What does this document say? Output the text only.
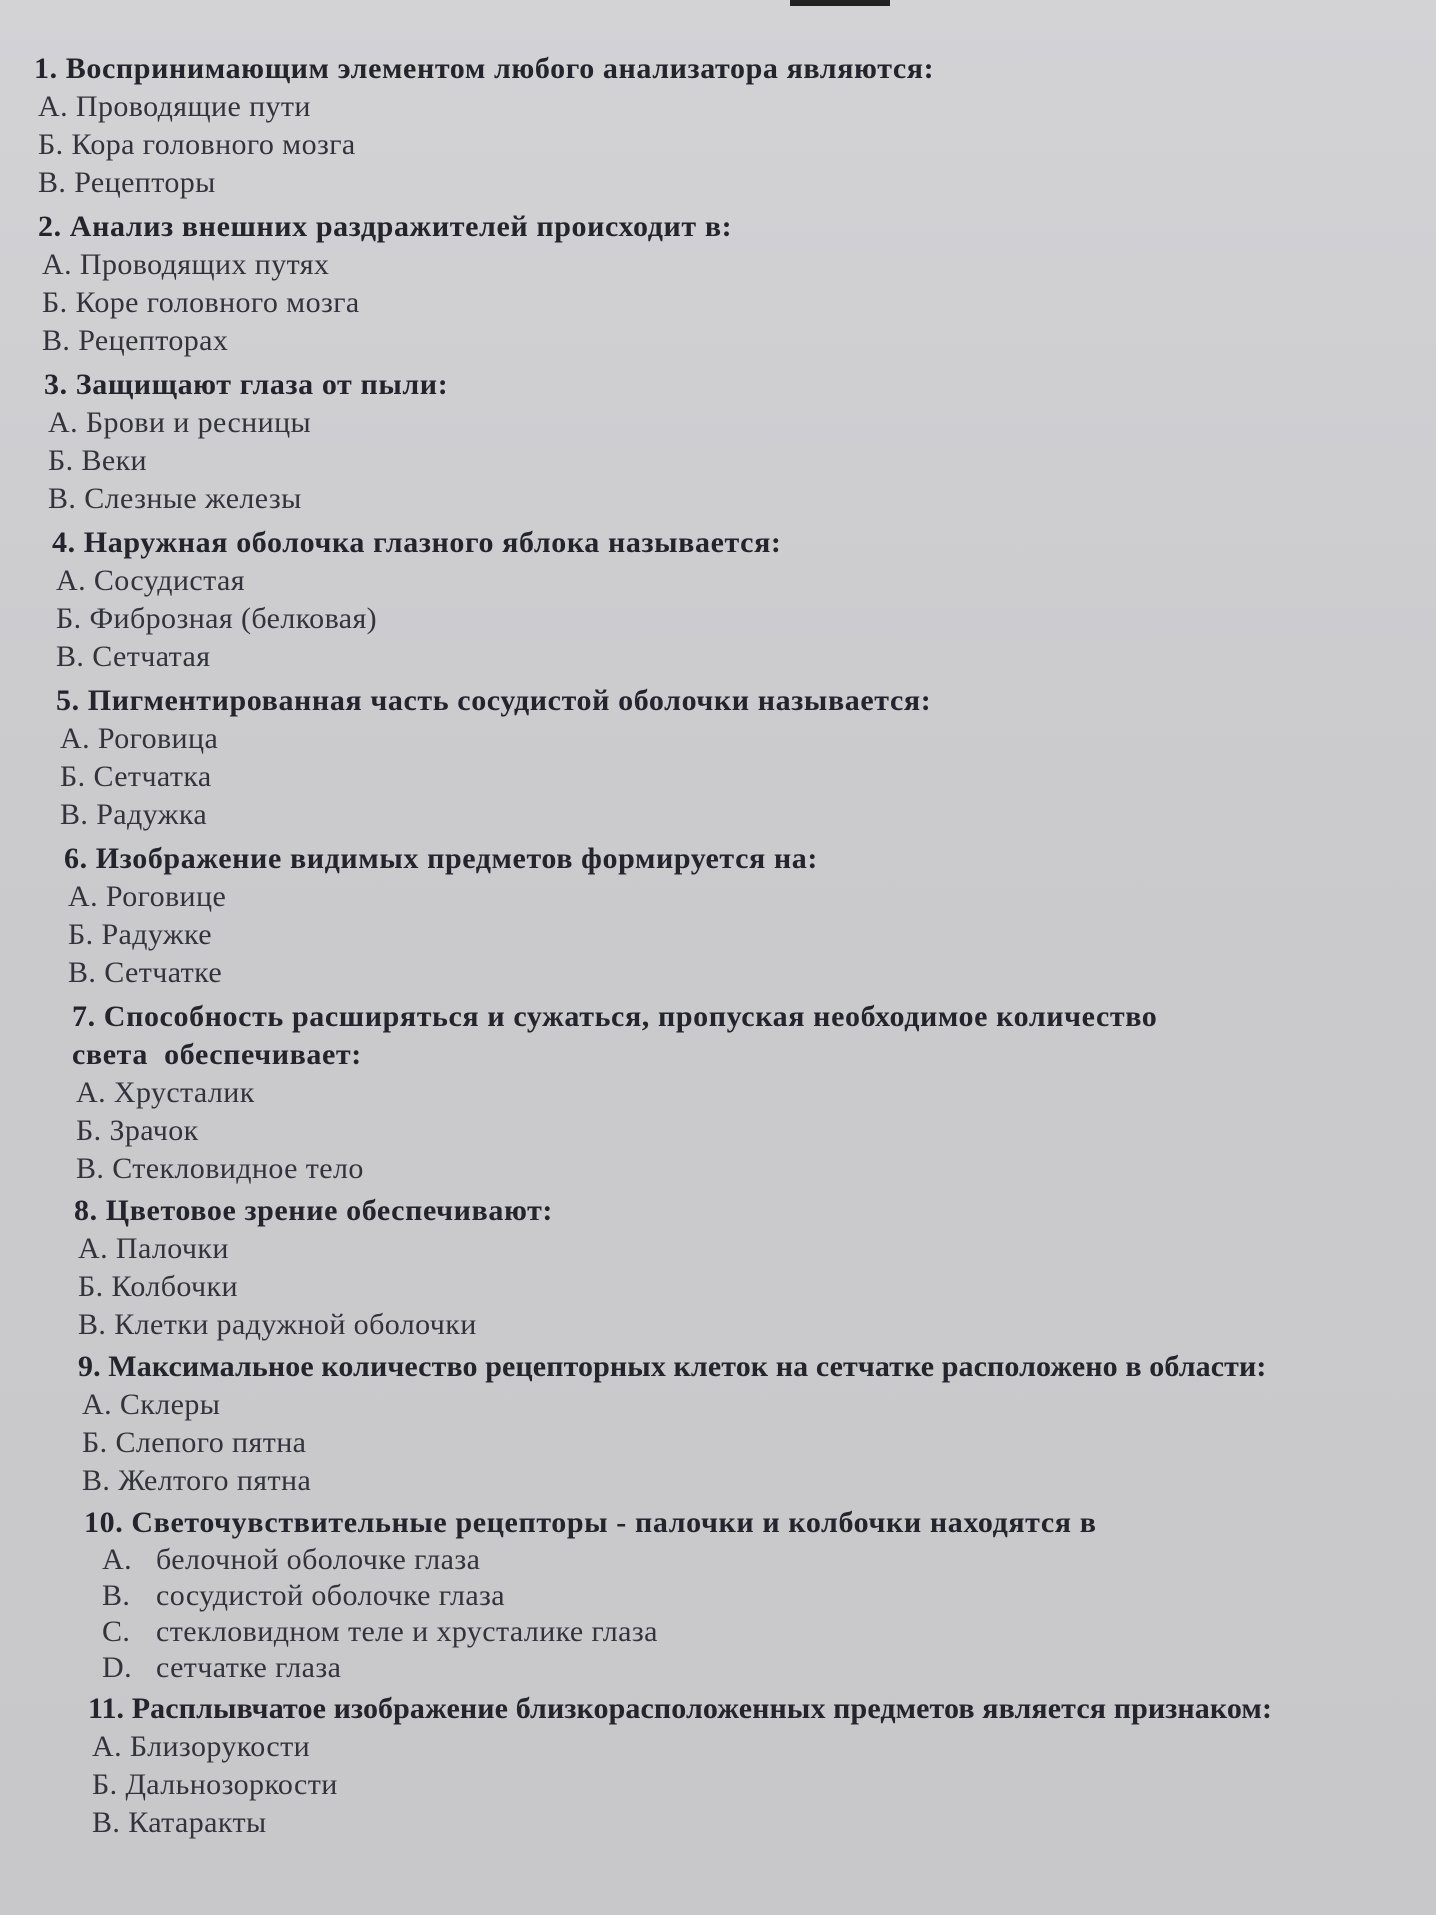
1. Воспринимающим элементом любого анализатора являются:

А. Проводящие пути

Б. Кора головного мозга

В. Рецепторы

2. Анализ внешних раздражителей происходит в:

А. Проводящих путях

Б. Коре головного мозга

В. Рецепторах

3. Защищают глаза от пыли:

А. Брови и ресницы

Б. Веки

В. Слезные железы

4. Наружная оболочка глазного яблока называется:

А. Сосудистая

Б. Фиброзная (белковая)

В. Сетчатая

5. Пигментированная часть сосудистой оболочки называется:

А. Роговица

Б. Сетчатка

В. Радужка

6. Изображение видимых предметов формируется на:

А. Роговице

Б. Радужке

В. Сетчатке

7. Способность расширяться и сужаться, пропуская необходимое количество

света  обеспечивает:

А. Хрусталик

Б. Зрачок

В. Стекловидное тело

8. Цветовое зрение обеспечивают:

А. Палочки

Б. Колбочки

В. Клетки радужной оболочки

9. Максимальное количество рецепторных клеток на сетчатке расположено в области:

А. Склеры

Б. Слепого пятна

В. Желтого пятна

10. Светочувствительные рецепторы - палочки и колбочки находятся в

A. белочной оболочке глаза

B. сосудистой оболочке глаза

C. стекловидном теле и хрусталике глаза

D. сетчатке глаза

11. Расплывчатое изображение близкорасположенных предметов является признаком:

А. Близорукости

Б. Дальнозоркости

В. Катаракты
